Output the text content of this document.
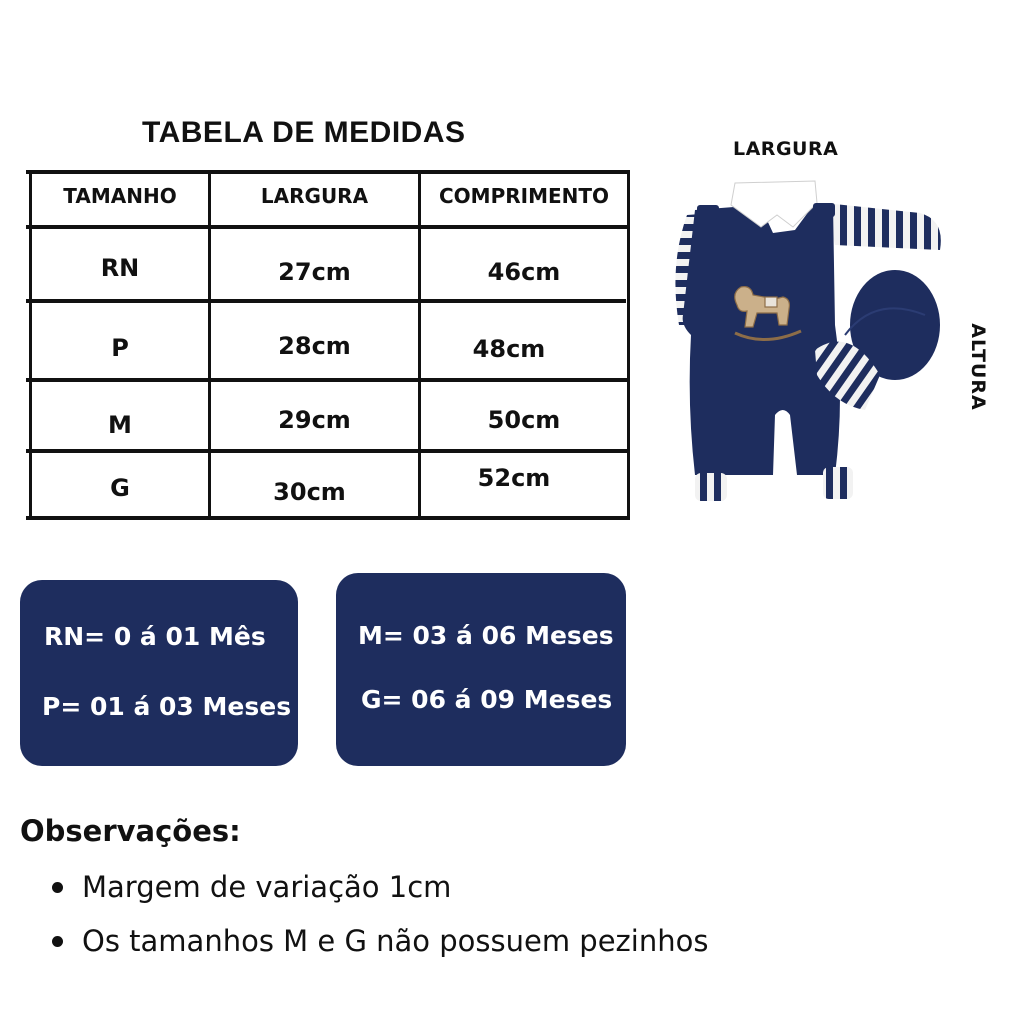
TABELA DE MEDIDAS
TAMANHO	LARGURA	COMPRIMENTO
RN	27cm	46cm
P	28cm	48cm
M	29cm	50cm
G	30cm	52cm
LARGURA
ALTURA
RN= 0 á 01 Mês
P= 01 á 03 Meses
M= 03 á 06 Meses
G= 06 á 09 Meses
Observações:
Margem de variação 1cm
Os tamanhos M e G não possuem pezinhos
